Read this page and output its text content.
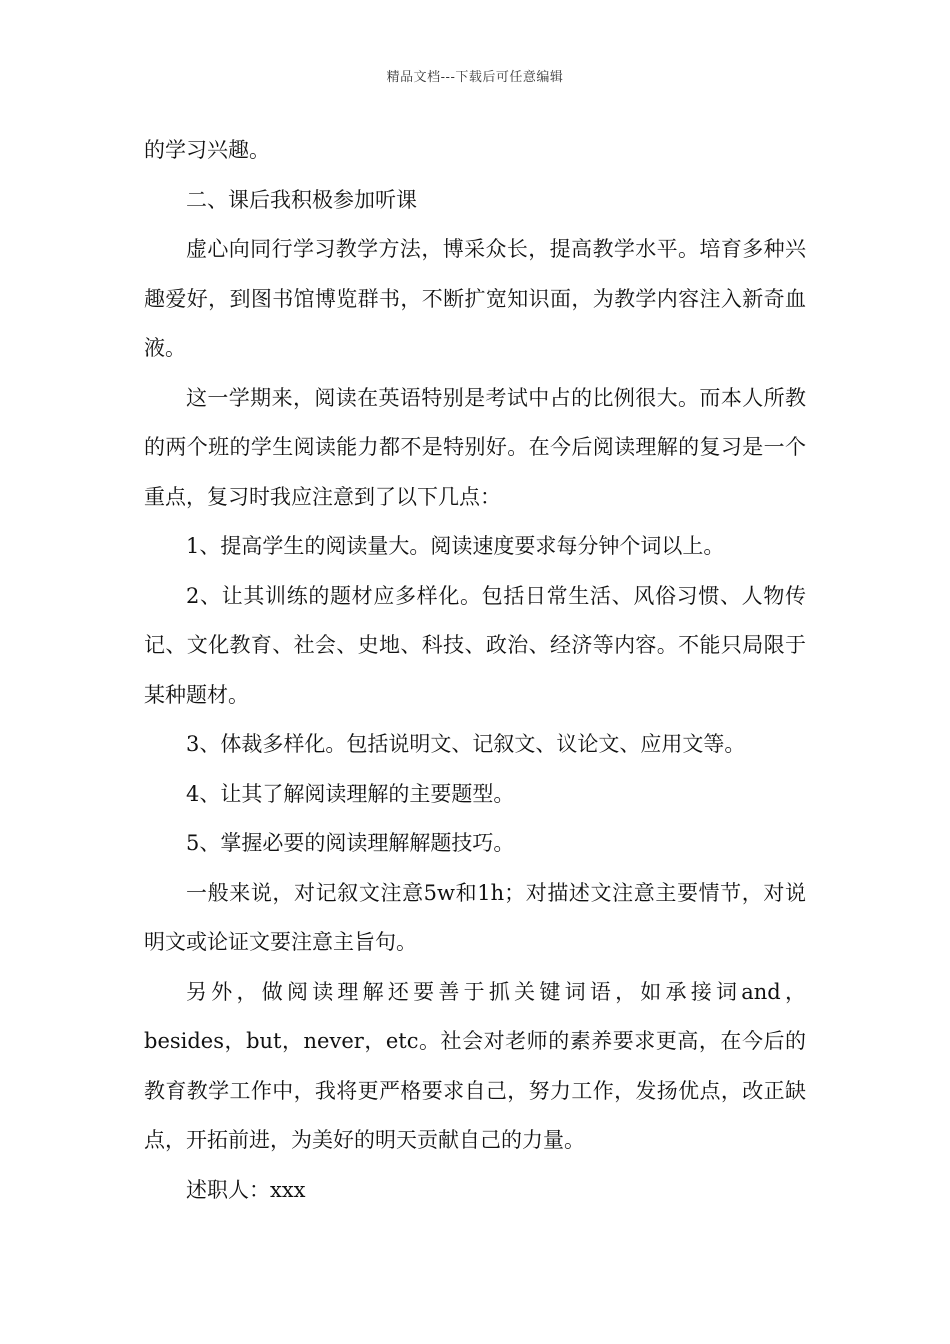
精品文档---下载后可任意编辑

的学习兴趣。

二、课后我积极参加听课

虚心向同行学习教学方法，博采众长，提高教学水平。培育多种兴趣爱好，到图书馆博览群书，不断扩宽知识面，为教学内容注入新奇血液。

这一学期来，阅读在英语特别是考试中占的比例很大。而本人所教的两个班的学生阅读能力都不是特别好。在今后阅读理解的复习是一个重点，复习时我应注意到了以下几点：

1、提高学生的阅读量大。阅读速度要求每分钟个词以上。

2、让其训练的题材应多样化。包括日常生活、风俗习惯、人物传记、文化教育、社会、史地、科技、政治、经济等内容。不能只局限于某种题材。

3、体裁多样化。包括说明文、记叙文、议论文、应用文等。

4、让其了解阅读理解的主要题型。

5、掌握必要的阅读理解解题技巧。

一般来说，对记叙文注意5w和1h；对描述文注意主要情节，对说明文或论证文要注意主旨句。

另外，做阅读理解还要善于抓关键词语，如承接词and，besides，but，never，etc。社会对老师的素养要求更高，在今后的教育教学工作中，我将更严格要求自己，努力工作，发扬优点，改正缺点，开拓前进，为美好的明天贡献自己的力量。

述职人：xxx
